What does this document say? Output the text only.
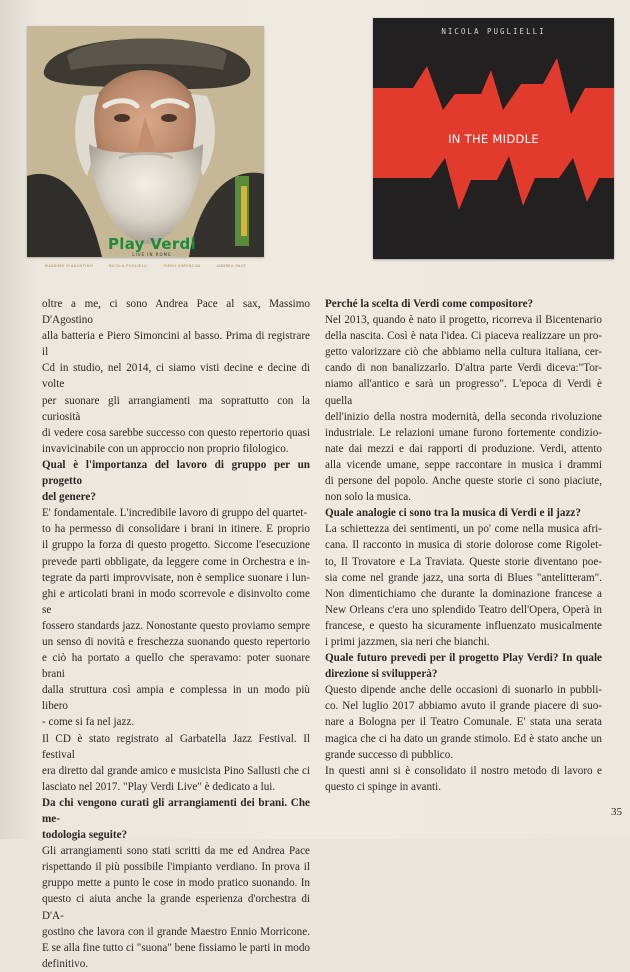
Play Verdi
LIVE IN ROME
MASSIMO D'AGOSTINO	NICOLA PUGLIELLI	PIERO SIMONCINI	ANDREA PACE
NICOLA PUGLIELLI
IN THE MIDDLE
oltre a me, ci sono Andrea Pace al sax, Massimo D'Agostino
alla batteria e Piero Simoncini al basso. Prima di registrare il
Cd in studio, nel 2014, ci siamo visti decine e decine di volte
per suonare gli arrangiamenti ma soprattutto con la curiosità
di vedere cosa sarebbe successo con questo repertorio quasi
invavicinabile con un approccio non proprio filologico.
Qual è l'importanza del lavoro di gruppo per un progetto
del genere?
E' fondamentale. L'incredibile lavoro di gruppo del quartet-
to ha permesso di consolidare i brani in itinere. E proprio
il gruppo la forza di questo progetto. Siccome l'esecuzione
prevede parti obbligate, da leggere come in Orchestra e in-
tegrate da parti improvvisate, non è semplice suonare i lun-
ghi e articolati brani in modo scorrevole e disinvolto come se
fossero standards jazz. Nonostante questo proviamo sempre
un senso di novità e freschezza suonando questo repertorio
e ciò ha portato a quello che speravamo: poter suonare brani
dalla struttura così ampia e complessa in un modo più libero
- come si fa nel jazz.
Il CD è stato registrato al Garbatella Jazz Festival. Il festival
era diretto dal grande amico e musicista Pino Sallusti che ci
lasciato nel 2017. "Play Verdi Live" è dedicato a lui.
Da chi vengono curati gli arrangiamenti dei brani. Che me-
todologia seguite?
Gli arrangiamenti sono stati scritti da me ed Andrea Pace
rispettando il più possibile l'impianto verdiano. In prova il
gruppo mette a punto le cose in modo pratico suonando. In
questo ci aiuta anche la grande esperienza d'orchestra di D'A-
gostino che lavora con il grande Maestro Ennio Morricone.
E se alla fine tutto ci "suona" bene fissiamo le parti in modo
definitivo.
Perché la scelta di Verdi come compositore?
Nel 2013, quando è nato il progetto, ricorreva il Bicentenario
della nascita. Così è nata l'idea. Ci piaceva realizzare un pro-
getto valorizzare ciò che abbiamo nella cultura italiana, cer-
cando di non banalizzarlo. D'altra parte Verdi diceva:"Tor-
niamo all'antico e sarà un progresso". L'epoca di Verdi è quella
dell'inizio della nostra modernità, della seconda rivoluzione
industriale. Le relazioni umane furono fortemente condizio-
nate dai mezzi e dai rapporti di produzione. Verdi, attento
alla vicende umane, seppe raccontare in musica i drammi
di persone del popolo. Anche queste storie ci sono piaciute,
non solo la musica.
Quale analogie ci sono tra la musica di Verdi e il jazz?
La schiettezza dei sentimenti, un po' come nella musica afri-
cana. Il racconto in musica di storie dolorose come Rigolet-
to, Il Trovatore e La Traviata. Queste storie diventano poe-
sia come nel grande jazz, una sorta di Blues "antelitteram".
Non dimentichiamo che durante la dominazione francese a
New Orleans c'era uno splendido Teatro dell'Opera, Operà in
francese, e questo ha sicuramente influenzato musicalmente
i primi jazzmen, sia neri che bianchi.
Quale futuro prevedi per il progetto Play Verdi? In quale
direzione si svilupperà?
Questo dipende anche delle occasioni di suonarlo in pubbli-
co. Nel luglio 2017 abbiamo avuto il grande piacere di suo-
nare a Bologna per il Teatro Comunale. E' stata una serata
magica che ci ha dato un grande stimolo. Ed è stato anche un
grande successo di pubblico.
In questi anni si è consolidato il nostro metodo di lavoro e
questo ci spinge in avanti.
35
